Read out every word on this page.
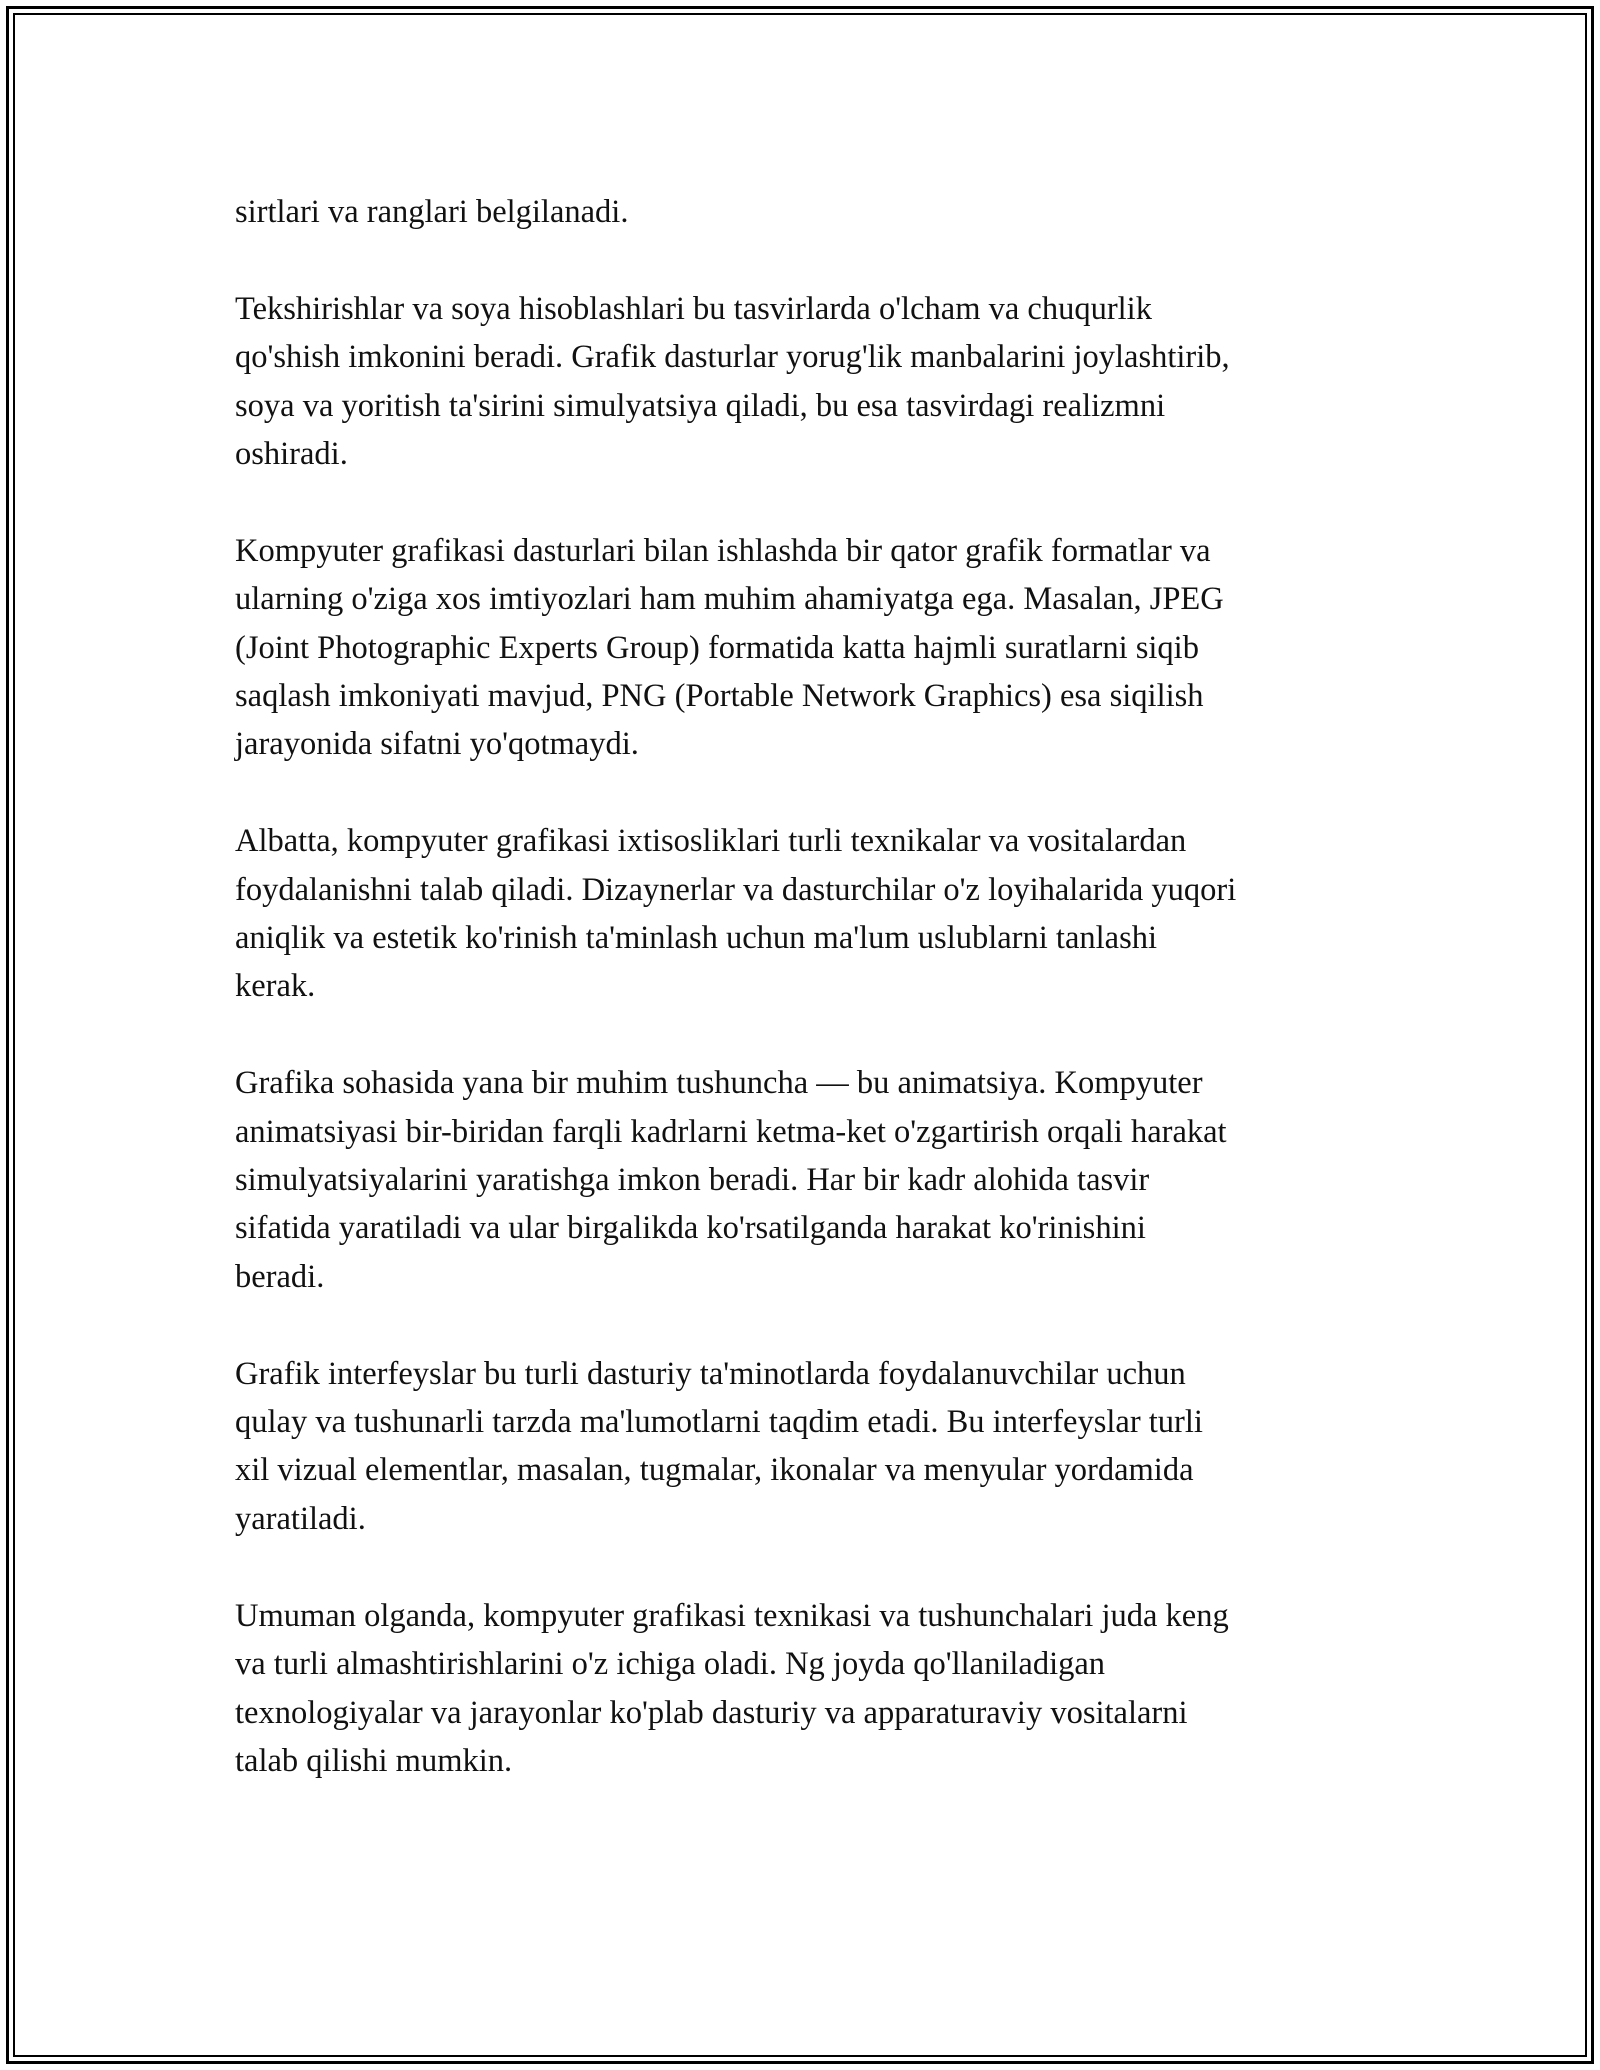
sirtlari va ranglari belgilanadi.

Tekshirishlar va soya hisoblashlari bu tasvirlarda o'lcham va chuqurlik
qo'shish imkonini beradi. Grafik dasturlar yorug'lik manbalarini joylashtirib,
soya va yoritish ta'sirini simulyatsiya qiladi, bu esa tasvirdagi realizmni
oshiradi.

Kompyuter grafikasi dasturlari bilan ishlashda bir qator grafik formatlar va
ularning o'ziga xos imtiyozlari ham muhim ahamiyatga ega. Masalan, JPEG
(Joint Photographic Experts Group) formatida katta hajmli suratlarni siqib
saqlash imkoniyati mavjud, PNG (Portable Network Graphics) esa siqilish
jarayonida sifatni yo'qotmaydi.

Albatta, kompyuter grafikasi ixtisosliklari turli texnikalar va vositalardan
foydalanishni talab qiladi. Dizaynerlar va dasturchilar o'z loyihalarida yuqori
aniqlik va estetik ko'rinish ta'minlash uchun ma'lum uslublarni tanlashi
kerak.

Grafika sohasida yana bir muhim tushuncha — bu animatsiya. Kompyuter
animatsiyasi bir-biridan farqli kadrlarni ketma-ket o'zgartirish orqali harakat
simulyatsiyalarini yaratishga imkon beradi. Har bir kadr alohida tasvir
sifatida yaratiladi va ular birgalikda ko'rsatilganda harakat ko'rinishini
beradi.

Grafik interfeyslar bu turli dasturiy ta'minotlarda foydalanuvchilar uchun
qulay va tushunarli tarzda ma'lumotlarni taqdim etadi. Bu interfeyslar turli
xil vizual elementlar, masalan, tugmalar, ikonalar va menyular yordamida
yaratiladi.

Umuman olganda, kompyuter grafikasi texnikasi va tushunchalari juda keng
va turli almashtirishlarini o'z ichiga oladi. Ng joyda qo'llaniladigan
texnologiyalar va jarayonlar ko'plab dasturiy va apparaturaviy vositalarni
talab qilishi mumkin.
